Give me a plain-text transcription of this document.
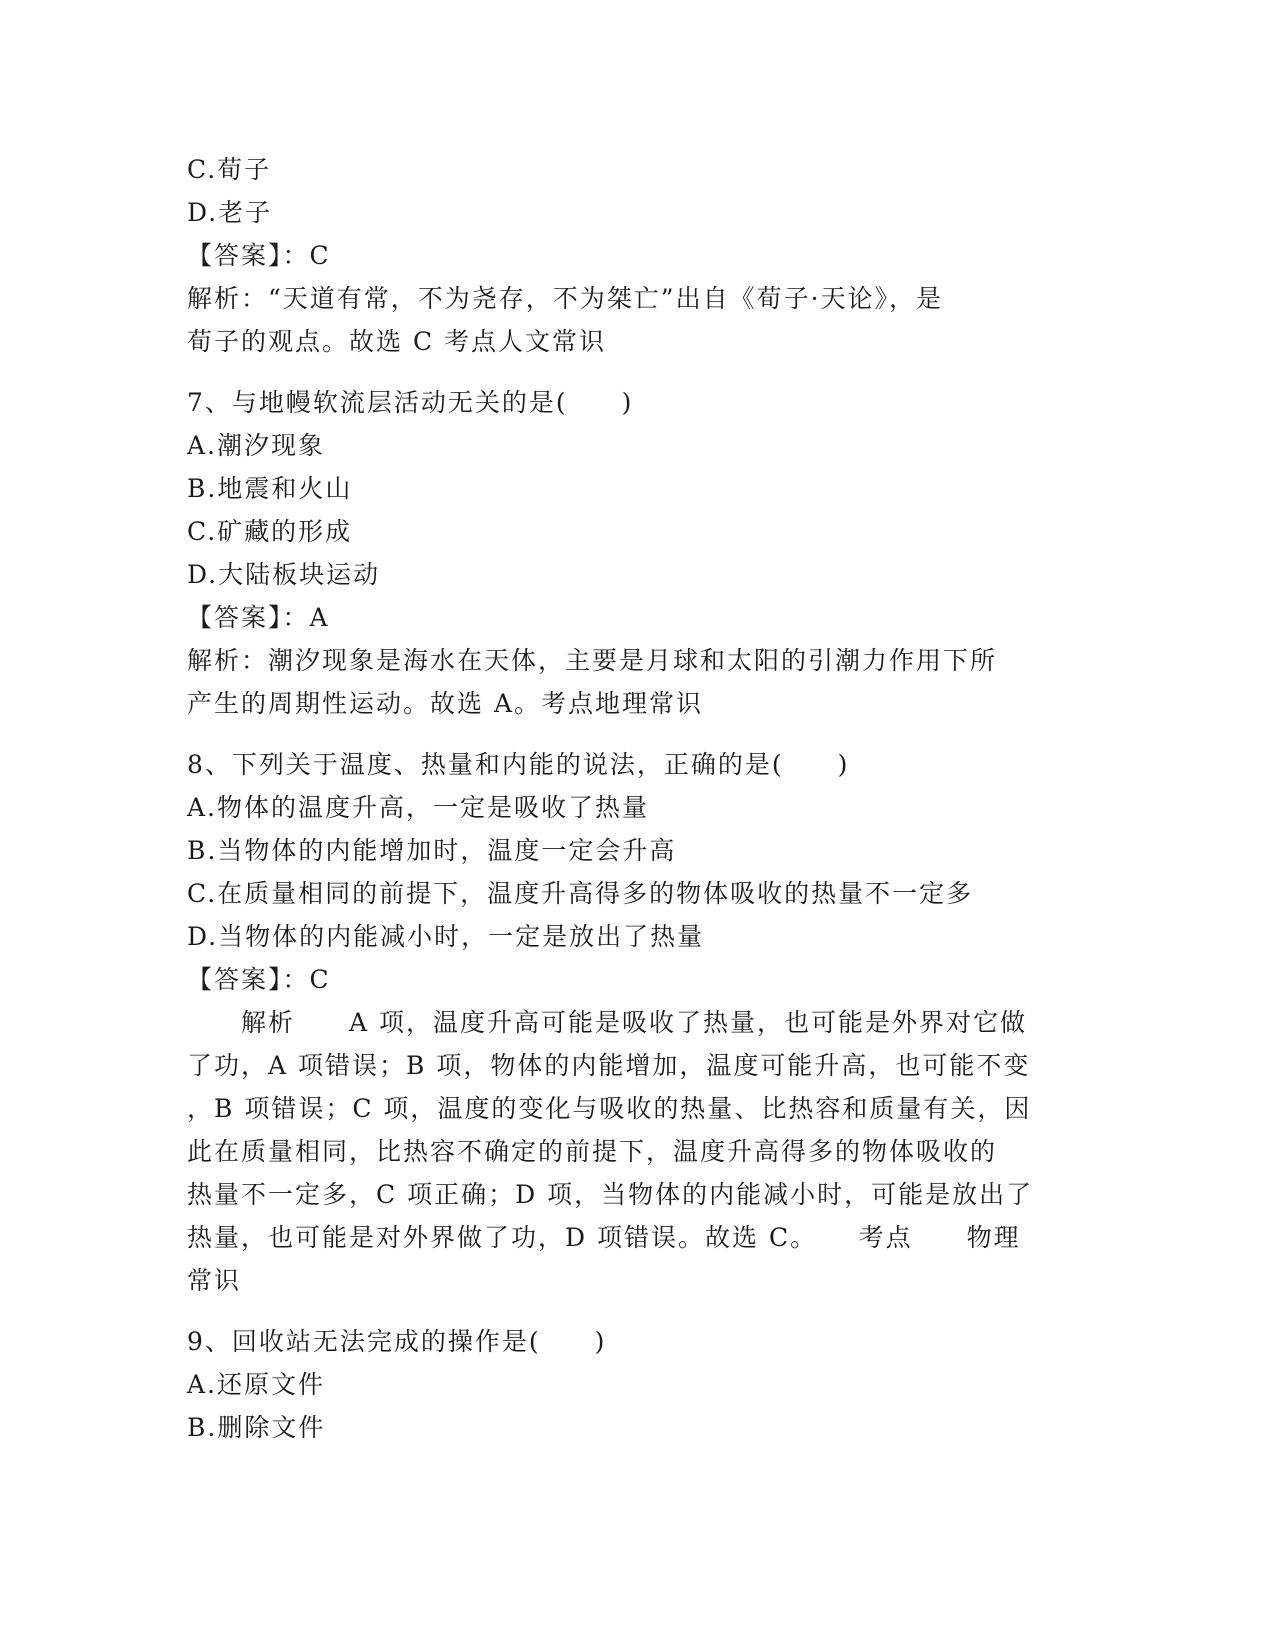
C.荀子
D.老子
【答案】：C
解析：“天道有常，不为尧存，不为桀亡”出自《荀子·天论》，是
荀子的观点。故选 C 考点人文常识
7、与地幔软流层活动无关的是(　　)
A.潮汐现象
B.地震和火山
C.矿藏的形成
D.大陆板块运动
【答案】：A
解析：潮汐现象是海水在天体，主要是月球和太阳的引潮力作用下所
产生的周期性运动。故选 A。考点地理常识
8、下列关于温度、热量和内能的说法，正确的是(　　)
A.物体的温度升高，一定是吸收了热量
B.当物体的内能增加时，温度一定会升高
C.在质量相同的前提下，温度升高得多的物体吸收的热量不一定多
D.当物体的内能减小时，一定是放出了热量
【答案】：C
　　解析　　A 项，温度升高可能是吸收了热量，也可能是外界对它做
了功，A 项错误；B 项，物体的内能增加，温度可能升高，也可能不变
，B 项错误；C 项，温度的变化与吸收的热量、比热容和质量有关，因
此在质量相同，比热容不确定的前提下，温度升高得多的物体吸收的
热量不一定多，C 项正确；D 项，当物体的内能减小时，可能是放出了
热量，也可能是对外界做了功，D 项错误。故选 C。　　考点　　物理
常识
9、回收站无法完成的操作是(　　)
A.还原文件
B.删除文件
